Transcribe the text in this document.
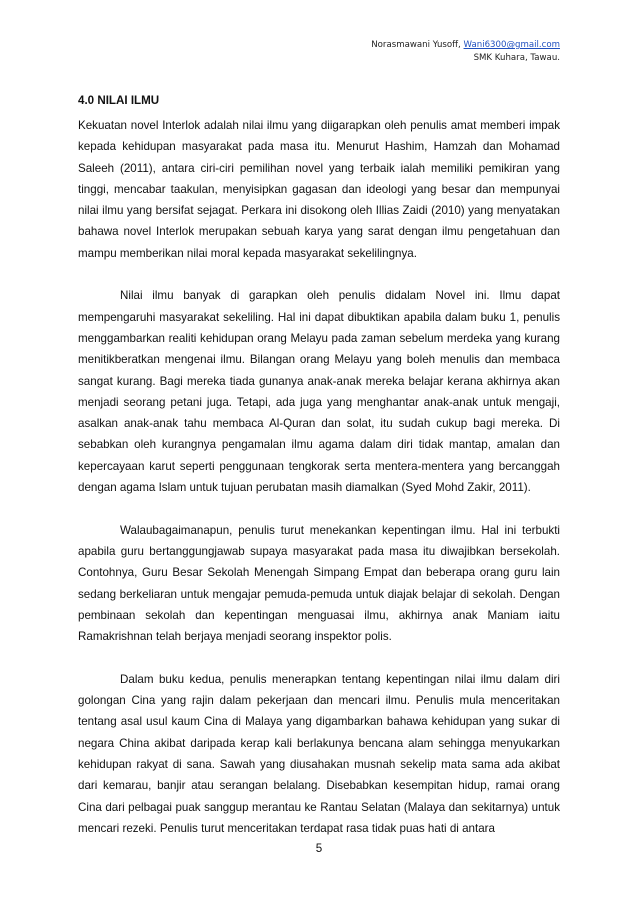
Norasmawani Yusoff, Wani6300@gmail.com
SMK Kuhara, Tawau.
4.0 NILAI ILMU

Kekuatan novel Interlok adalah nilai ilmu yang diigarapkan oleh penulis amat memberi impak kepada kehidupan masyarakat pada masa itu. Menurut Hashim, Hamzah dan Mohamad Saleeh (2011), antara ciri-ciri pemilihan novel yang terbaik ialah memiliki pemikiran yang tinggi, mencabar taakulan, menyisipkan gagasan dan ideologi yang besar dan mempunyai nilai ilmu yang bersifat sejagat. Perkara ini disokong oleh Illias Zaidi (2010) yang menyatakan bahawa novel Interlok merupakan sebuah karya yang sarat dengan ilmu pengetahuan dan mampu memberikan nilai moral kepada masyarakat sekelilingnya.

Nilai ilmu banyak di garapkan oleh penulis didalam Novel ini. Ilmu dapat mempengaruhi masyarakat sekeliling. Hal ini dapat dibuktikan apabila dalam buku 1, penulis menggambarkan realiti kehidupan orang Melayu pada zaman sebelum merdeka yang kurang menitikberatkan mengenai ilmu. Bilangan orang Melayu yang boleh menulis dan membaca sangat kurang. Bagi mereka tiada gunanya anak-anak mereka belajar kerana akhirnya akan menjadi seorang petani juga. Tetapi, ada juga yang menghantar anak-anak untuk mengaji, asalkan anak-anak tahu membaca Al-Quran dan solat, itu sudah cukup bagi mereka. Di sebabkan oleh kurangnya pengamalan ilmu agama dalam diri tidak mantap, amalan dan kepercayaan karut seperti penggunaan tengkorak serta mentera-mentera yang bercanggah dengan agama Islam untuk tujuan perubatan masih diamalkan (Syed Mohd Zakir, 2011).

Walaubagaimanapun, penulis turut menekankan kepentingan ilmu. Hal ini terbukti apabila guru bertanggungjawab supaya masyarakat pada masa itu diwajibkan bersekolah. Contohnya, Guru Besar Sekolah Menengah Simpang Empat dan beberapa orang guru lain sedang berkeliaran untuk mengajar pemuda-pemuda untuk diajak belajar di sekolah. Dengan pembinaan sekolah dan kepentingan menguasai ilmu, akhirnya anak Maniam iaitu Ramakrishnan telah berjaya menjadi seorang inspektor polis.

Dalam buku kedua, penulis menerapkan tentang kepentingan nilai ilmu dalam diri golongan Cina yang rajin dalam pekerjaan dan mencari ilmu. Penulis mula menceritakan tentang asal usul kaum Cina di Malaya yang digambarkan bahawa kehidupan yang sukar di negara China akibat daripada kerap kali berlakunya bencana alam sehingga menyukarkan kehidupan rakyat di sana. Sawah yang diusahakan musnah sekelip mata sama ada akibat dari kemarau, banjir atau serangan belalang. Disebabkan kesempitan hidup, ramai orang Cina dari pelbagai puak sanggup merantau ke Rantau Selatan (Malaya dan sekitarnya) untuk mencari rezeki. Penulis turut menceritakan terdapat rasa tidak puas hati di antara

5
